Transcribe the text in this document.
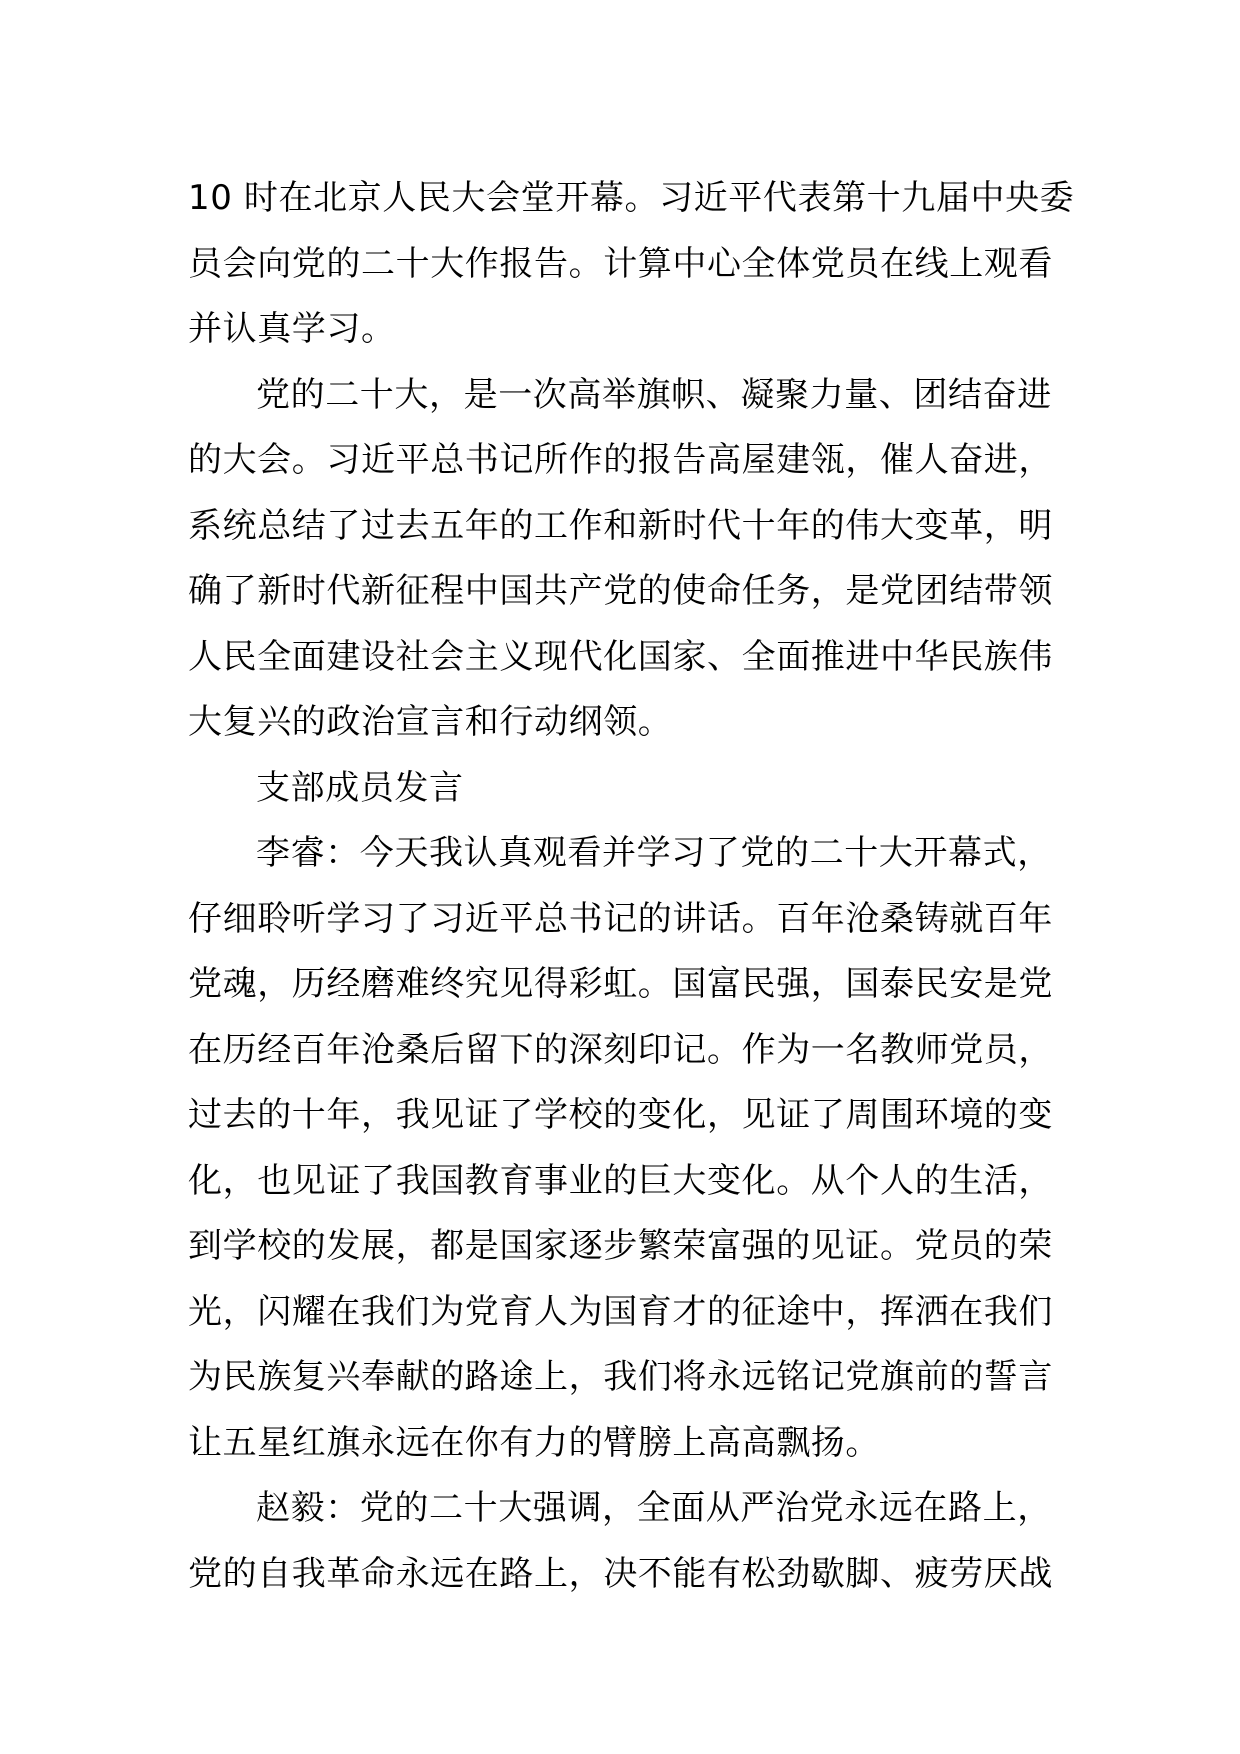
10 时在北京人民大会堂开幕。习近平代表第十九届中央委
员会向党的二十大作报告。计算中心全体党员在线上观看
并认真学习。
党的二十大，是一次高举旗帜、凝聚力量、团结奋进
的大会。习近平总书记所作的报告高屋建瓴，催人奋进，
系统总结了过去五年的工作和新时代十年的伟大变革，明
确了新时代新征程中国共产党的使命任务，是党团结带领
人民全面建设社会主义现代化国家、全面推进中华民族伟
大复兴的政治宣言和行动纲领。
支部成员发言
李睿：今天我认真观看并学习了党的二十大开幕式，
仔细聆听学习了习近平总书记的讲话。百年沧桑铸就百年
党魂，历经磨难终究见得彩虹。国富民强，国泰民安是党
在历经百年沧桑后留下的深刻印记。作为一名教师党员，
过去的十年，我见证了学校的变化，见证了周围环境的变
化，也见证了我国教育事业的巨大变化。从个人的生活，
到学校的发展，都是国家逐步繁荣富强的见证。党员的荣
光，闪耀在我们为党育人为国育才的征途中，挥洒在我们
为民族复兴奉献的路途上，我们将永远铭记党旗前的誓言
让五星红旗永远在你有力的臂膀上高高飘扬。
赵毅：党的二十大强调，全面从严治党永远在路上，
党的自我革命永远在路上，决不能有松劲歇脚、疲劳厌战
